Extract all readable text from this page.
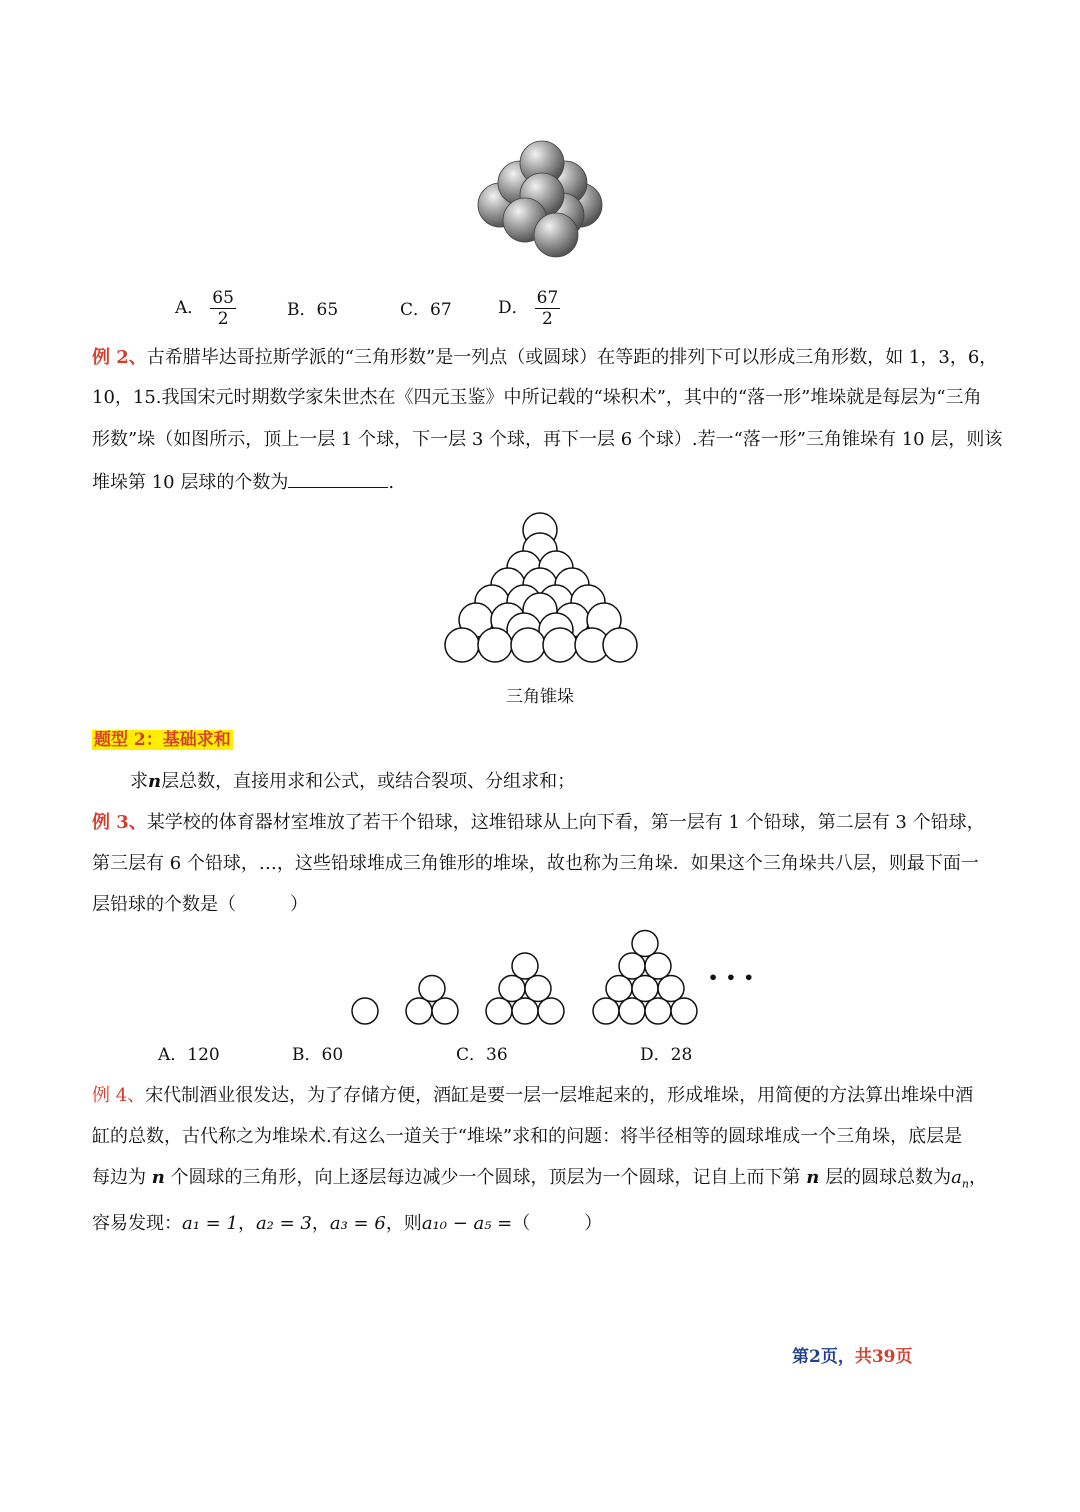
A． $\frac{65}{2}$	B．65	C．67	D． $\frac{67}{2}$
例 2、古希腊毕达哥拉斯学派的“三角形数”是一列点（或圆球）在等距的排列下可以形成三角形数，如 1，3，6，
10，15.我国宋元时期数学家朱世杰在《四元玉鉴》中所记载的“垛积术”，其中的“落一形”堆垛就是每层为“三角
形数”垛（如图所示，顶上一层 1 个球，下一层 3 个球，再下一层 6 个球）.若一“落一形”三角锥垛有 10 层，则该
堆垛第 10 层球的个数为	.
三角锥垛
题型 2：基础求和
求n层总数，直接用求和公式，或结合裂项、分组求和；
例 3、某学校的体育器材室堆放了若干个铅球，这堆铅球从上向下看，第一层有 1 个铅球，第二层有 3 个铅球，
第三层有 6 个铅球，…，这些铅球堆成三角锥形的堆垛，故也称为三角垛．如果这个三角垛共八层，则最下面一
层铅球的个数是（　　　）
• • •
A．120	B．60	C．36	D．28
例 4、宋代制酒业很发达，为了存储方便，酒缸是要一层一层堆起来的，形成堆垛，用简便的方法算出堆垛中酒
缸的总数，古代称之为堆垛术.有这么一道关于“堆垛”求和的问题：将半径相等的圆球堆成一个三角垛，底层是
每边为 n 个圆球的三角形，向上逐层每边减少一个圆球，顶层为一个圆球，记自上而下第 n 层的圆球总数为$a_n$，
容易发现：a₁ = 1，a₂ = 3，a₃ = 6，则a₁₀ − a₅ =（　　　）
第2页，共39页
